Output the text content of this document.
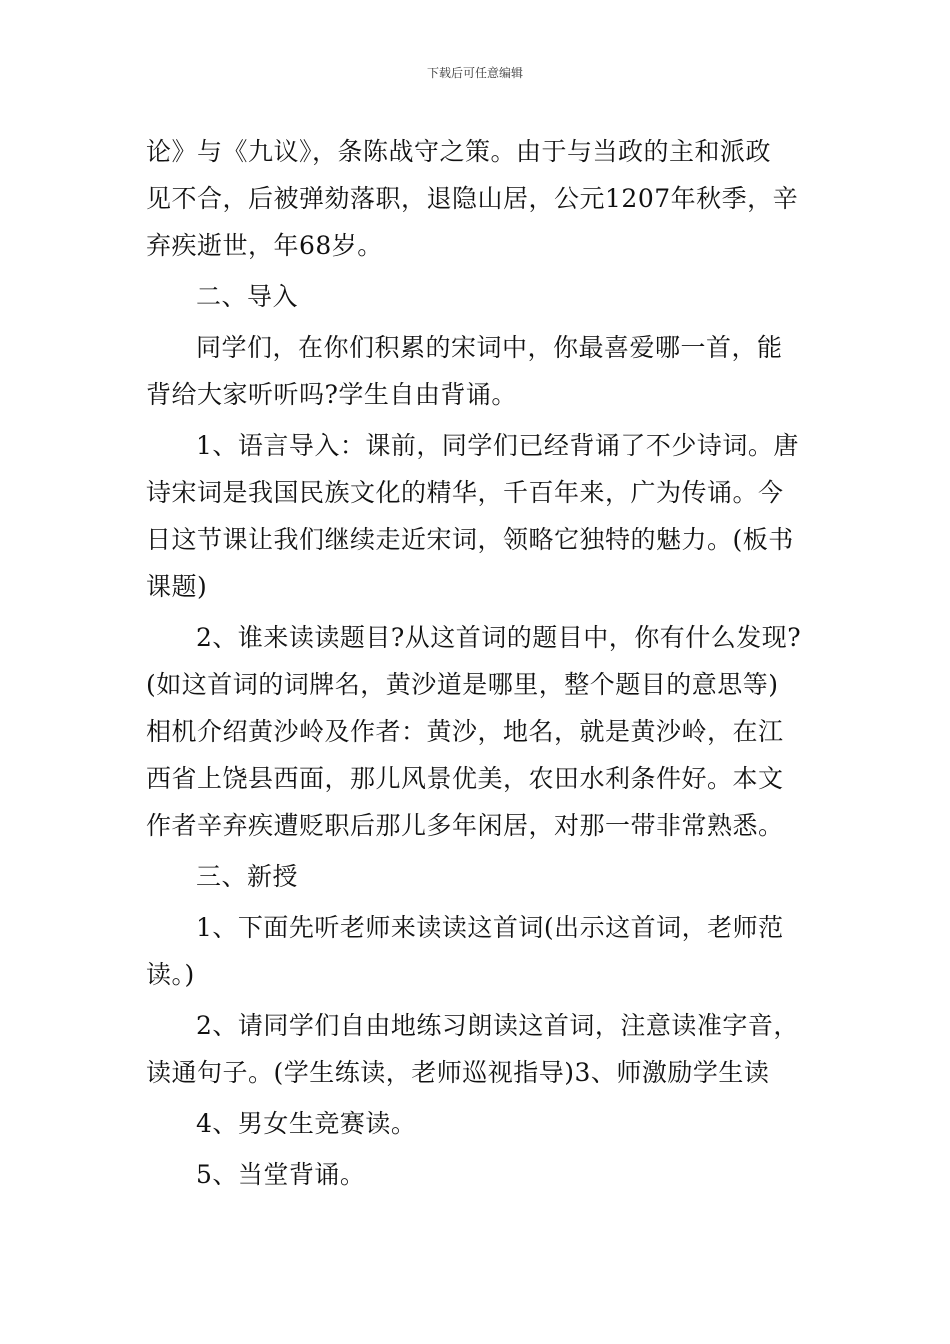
下载后可任意编辑
论》与《九议》，条陈战守之策。由于与当政的主和派政
见不合，后被弹劾落职，退隐山居，公元1207年秋季，辛
弃疾逝世，年68岁。
二、导入
同学们，在你们积累的宋词中，你最喜爱哪一首，能
背给大家听听吗?学生自由背诵。
1、语言导入：课前，同学们已经背诵了不少诗词。唐
诗宋词是我国民族文化的精华，千百年来，广为传诵。今
日这节课让我们继续走近宋词，领略它独特的魅力。(板书
课题)
2、谁来读读题目?从这首词的题目中，你有什么发现?
(如这首词的词牌名，黄沙道是哪里，整个题目的意思等)
相机介绍黄沙岭及作者：黄沙，地名，就是黄沙岭，在江
西省上饶县西面，那儿风景优美，农田水利条件好。本文
作者辛弃疾遭贬职后那儿多年闲居，对那一带非常熟悉。
三、新授
1、下面先听老师来读读这首词(出示这首词，老师范
读。)
2、请同学们自由地练习朗读这首词，注意读准字音，
读通句子。(学生练读，老师巡视指导)3、师激励学生读
4、男女生竞赛读。
5、当堂背诵。
